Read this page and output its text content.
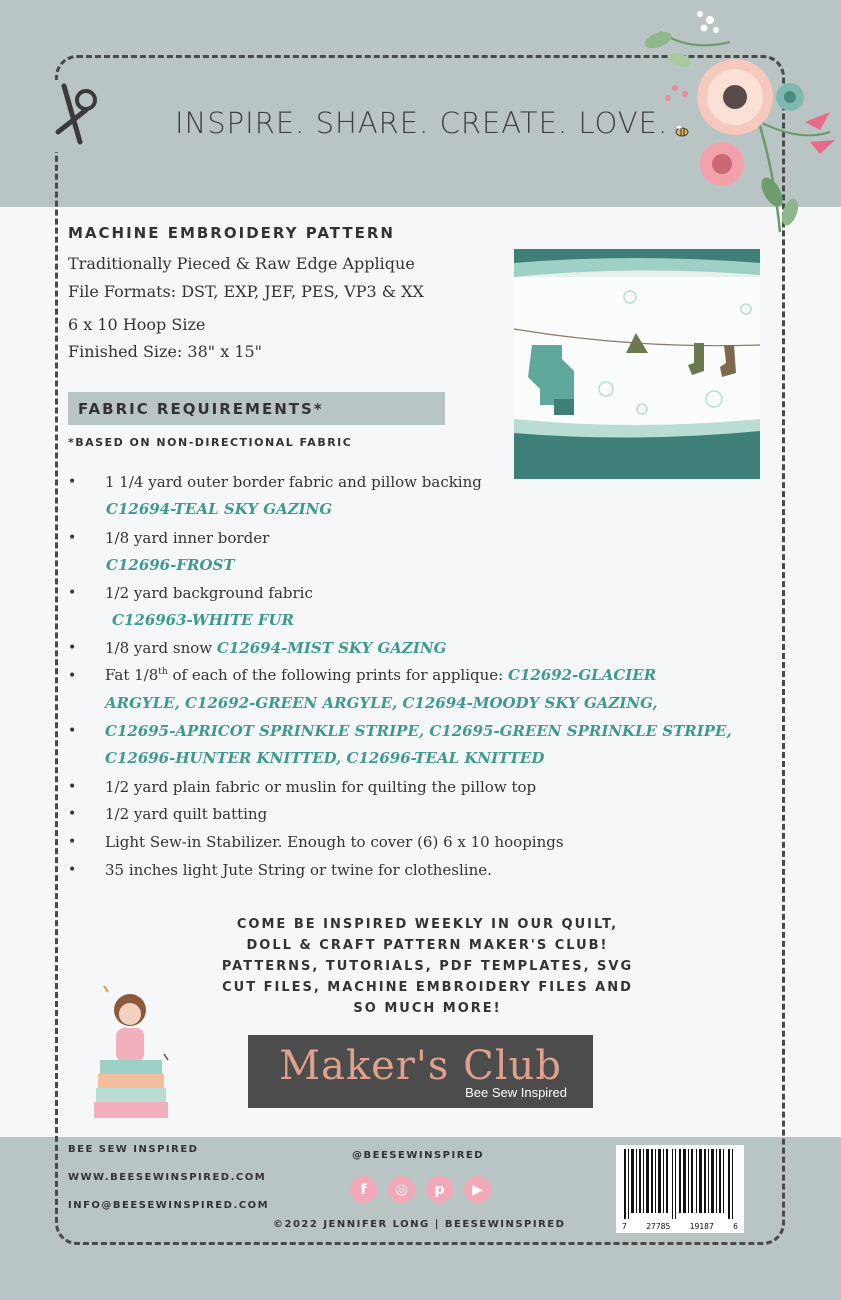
INSPIRE. SHARE. CREATE. LOVE.
MACHINE EMBROIDERY PATTERN
Traditionally Pieced & Raw Edge Applique
File Formats: DST, EXP, JEF, PES, VP3 & XX
6 x 10 Hoop Size
Finished Size: 38" x 15"
FABRIC REQUIREMENTS*
*BASED ON NON-DIRECTIONAL FABRIC
•
•
•
•
•
•
•
•
•
•
1 1/4 yard outer border fabric and pillow backing
C12694-TEAL SKY GAZING
1/8 yard inner border
C12696-FROST
1/2 yard background fabric
C126963-WHITE FUR
1/8 yard snow C12694-MIST SKY GAZING
Fat 1/8th of each of the following prints for applique: C12692-GLACIER
ARGYLE, C12692-GREEN ARGYLE, C12694-MOODY SKY GAZING,
C12695-APRICOT SPRINKLE STRIPE, C12695-GREEN SPRINKLE STRIPE,
C12696-HUNTER KNITTED, C12696-TEAL KNITTED
1/2 yard plain fabric or muslin for quilting the pillow top
1/2 yard quilt batting
Light Sew-in Stabilizer. Enough to cover (6) 6 x 10 hoopings
35 inches light Jute String or twine for clothesline.
COME BE INSPIRED WEEKLY IN OUR QUILT,
DOLL & CRAFT PATTERN MAKER'S CLUB!
PATTERNS, TUTORIALS, PDF TEMPLATES, SVG
CUT FILES, MACHINE EMBROIDERY FILES AND
SO MUCH MORE!
Maker's Club
Bee Sew Inspired
BEE SEW INSPIRED
WWW.BEESEWINSPIRED.COM
INFO@BEESEWINSPIRED.COM
@BEESEWINSPIRED
f	◎	p	▶
©2022 JENNIFER LONG | BEESEWINSPIRED	7 27785 19187 6
